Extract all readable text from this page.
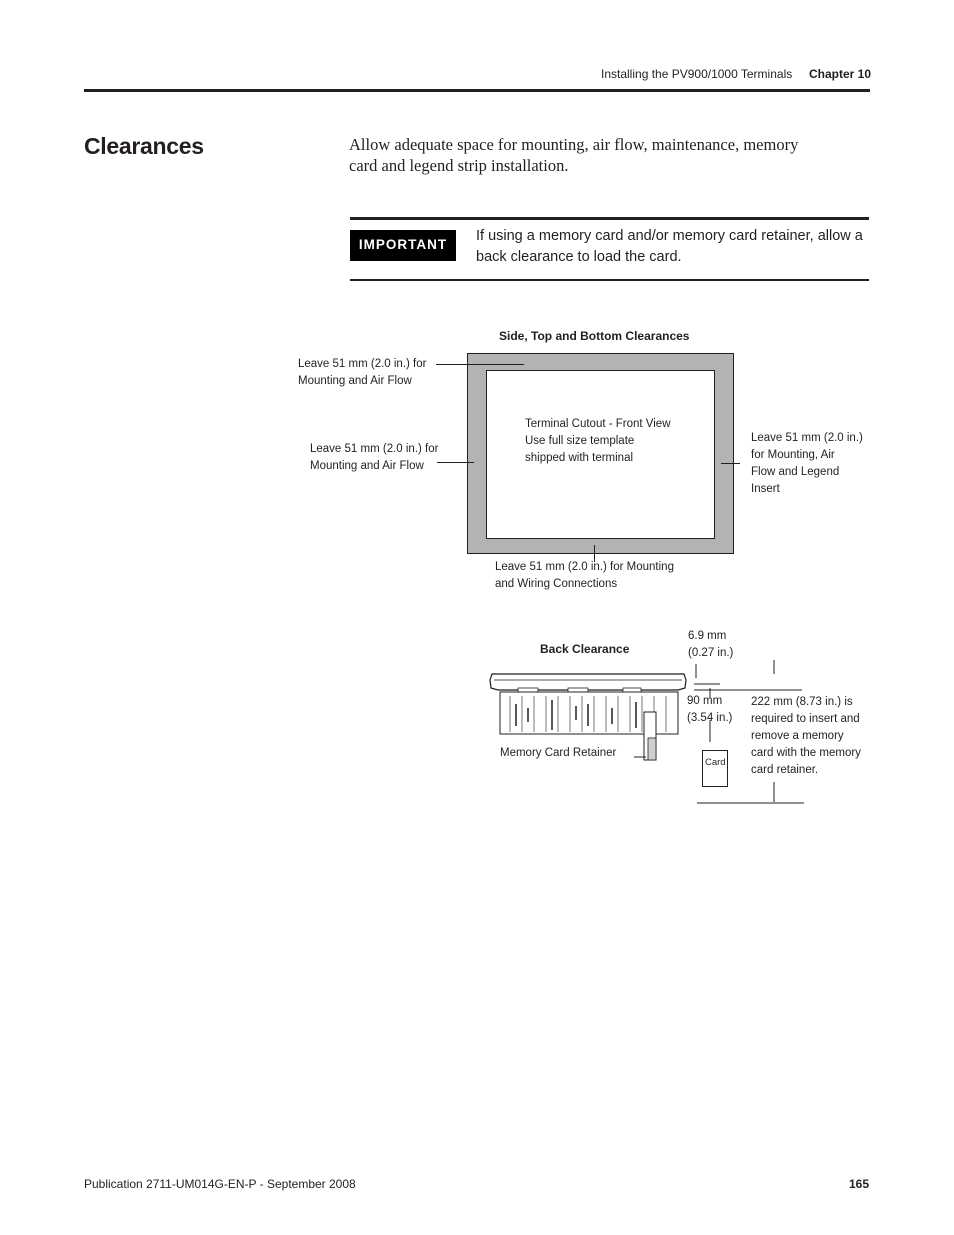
Installing the PV900/1000 Terminals Chapter 10
Clearances	Allow adequate space for mounting, air flow, maintenance, memory
card and legend strip installation.
IMPORTANT
If using a memory card and/or memory card retainer, allow a
back clearance to load the card.
Side, Top and Bottom Clearances
Terminal Cutout - Front View
Use full size template
shipped with terminal
Leave 51 mm (2.0 in.) for
Mounting and Air Flow
Leave 51 mm (2.0 in.) for
Mounting and Air Flow
Leave 51 mm (2.0 in.)
for Mounting, Air
Flow and Legend
Insert
Leave 51 mm (2.0 in.) for Mounting
and Wiring Connections
Back Clearance
6.9 mm
(0.27 in.)
90 mm
(3.54 in.)
222 mm (8.73 in.) is
required to insert and
remove a memory
card with the memory
card retainer.
Memory Card Retainer
Card
Publication 2711-UM014G-EN-P - September 2008	165
